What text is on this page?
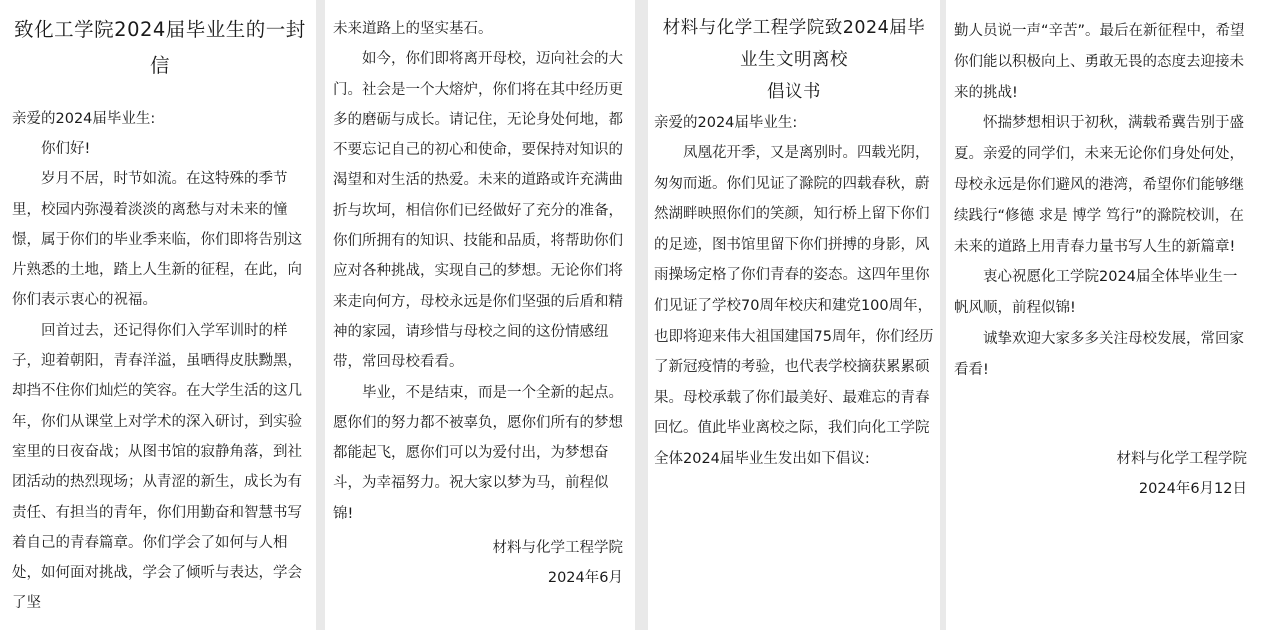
致化工学院2024届毕业生的一封
信

亲爱的2024届毕业生:

你们好!

岁月不居，时节如流。在这特殊的季节里，校园内弥漫着淡淡的离愁与对未来的憧憬，属于你们的毕业季来临，你们即将告别这片熟悉的土地，踏上人生新的征程，在此，向你们表示衷心的祝福。

回首过去，还记得你们入学军训时的样子，迎着朝阳，青春洋溢，虽晒得皮肤黝黑，却挡不住你们灿烂的笑容。在大学生活的这几年，你们从课堂上对学术的深入研讨，到实验室里的日夜奋战；从图书馆的寂静角落，到社团活动的热烈现场；从青涩的新生，成长为有责任、有担当的青年，你们用勤奋和智慧书写着自己的青春篇章。你们学会了如何与人相处，如何面对挑战，学会了倾听与表达，学会了坚

未来道路上的坚实基石。

如今，你们即将离开母校，迈向社会的大门。社会是一个大熔炉，你们将在其中经历更多的磨砺与成长。请记住，无论身处何地，都不要忘记自己的初心和使命，要保持对知识的渴望和对生活的热爱。未来的道路或许充满曲折与坎坷，相信你们已经做好了充分的准备，你们所拥有的知识、技能和品质，将帮助你们应对各种挑战，实现自己的梦想。无论你们将来走向何方，母校永远是你们坚强的后盾和精神的家园，请珍惜与母校之间的这份情感纽带，常回母校看看。

毕业，不是结束，而是一个全新的起点。愿你们的努力都不被辜负，愿你们所有的梦想都能起飞，愿你们可以为爱付出，为梦想奋斗，为幸福努力。祝大家以梦为马，前程似锦!

材料与化学工程学院

2024年6月

材料与化学工程学院致2024届毕
业生文明离校
倡议书

亲爱的2024届毕业生:

凤凰花开季，又是离别时。四载光阴，匆匆而逝。你们见证了滁院的四载春秋，蔚然湖畔映照你们的笑颜，知行桥上留下你们的足迹，图书馆里留下你们拼搏的身影，风雨操场定格了你们青春的姿态。这四年里你们见证了学校70周年校庆和建党100周年，也即将迎来伟大祖国建国75周年，你们经历了新冠疫情的考验，也代表学校摘获累累硕果。母校承载了你们最美好、最难忘的青春回忆。值此毕业离校之际，我们向化工学院全体2024届毕业生发出如下倡议:

勤人员说一声“辛苦”。最后在新征程中，希望你们能以积极向上、勇敢无畏的态度去迎接未来的挑战!

怀揣梦想相识于初秋，满载希冀告别于盛夏。亲爱的同学们，未来无论你们身处何处，母校永远是你们避风的港湾，希望你们能够继续践行“修德 求是 博学 笃行”的滁院校训，在未来的道路上用青春力量书写人生的新篇章!

衷心祝愿化工学院2024届全体毕业生一帆风顺，前程似锦!

诚挚欢迎大家多多关注母校发展，常回家看看!

材料与化学工程学院

2024年6月12日
